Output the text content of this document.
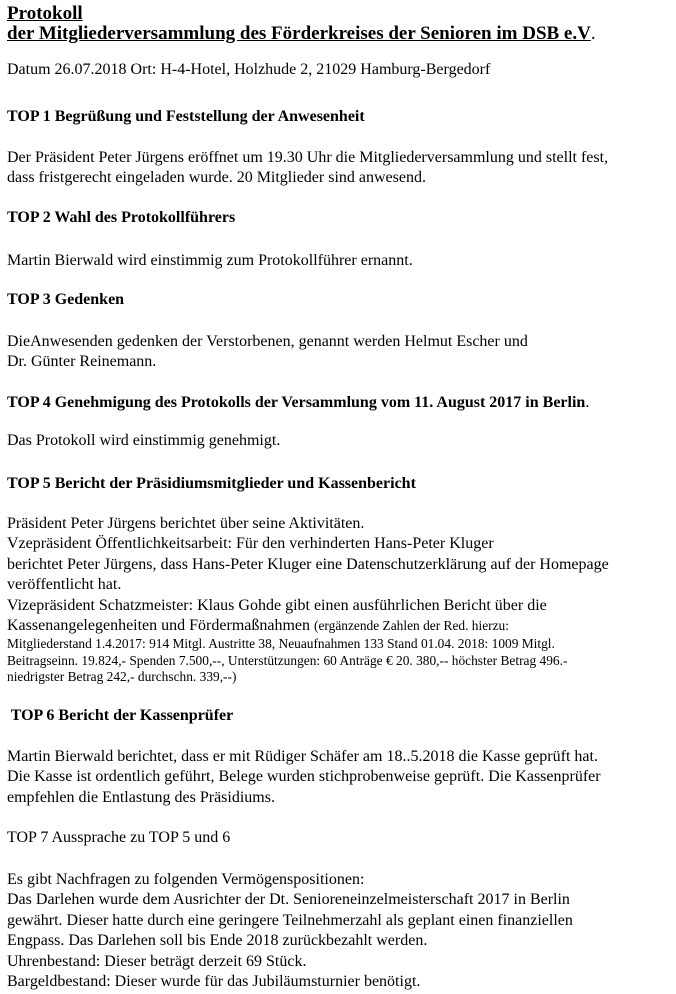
Protokoll
der Mitgliederversammlung des Förderkreises der Senioren im DSB e.V.
Datum 26.07.2018 Ort: H-4-Hotel, Holzhude 2, 21029 Hamburg-Bergedorf
TOP 1 Begrüßung und Feststellung der Anwesenheit
Der Präsident Peter Jürgens eröffnet um 19.30 Uhr die Mitgliederversammlung und stellt fest,
dass fristgerecht eingeladen wurde. 20 Mitglieder sind anwesend.
TOP 2 Wahl des Protokollführers
Martin Bierwald wird einstimmig zum Protokollführer ernannt.
TOP 3 Gedenken
DieAnwesenden gedenken der Verstorbenen, genannt werden Helmut Escher und
Dr. Günter Reinemann.
TOP 4 Genehmigung des Protokolls der Versammlung vom 11. August 2017 in Berlin.
Das Protokoll wird einstimmig genehmigt.
TOP 5 Bericht der Präsidiumsmitglieder und Kassenbericht
Präsident Peter Jürgens berichtet über seine Aktivitäten.
Vzepräsident Öffentlichkeitsarbeit: Für den verhinderten Hans-Peter Kluger
berichtet Peter Jürgens, dass Hans-Peter Kluger eine Datenschutzerklärung auf der Homepage
veröffentlicht hat.
Vizepräsident Schatzmeister: Klaus Gohde gibt einen ausführlichen Bericht über die
Kassenangelegenheiten und Fördermaßnahmen (ergänzende Zahlen der Red. hierzu:
Mitgliederstand 1.4.2017: 914 Mitgl. Austritte 38, Neuaufnahmen 133 Stand 01.04. 2018: 1009 Mitgl.
Beitragseinn. 19.824,- Spenden 7.500,--, Unterstützungen: 60 Anträge € 20. 380,-- höchster Betrag 496.-
niedrigster Betrag 242,- durchschn. 339,--)
TOP 6 Bericht der Kassenprüfer
Martin Bierwald berichtet, dass er mit Rüdiger Schäfer am 18..5.2018 die Kasse geprüft hat.
Die Kasse ist ordentlich geführt, Belege wurden stichprobenweise geprüft. Die Kassenprüfer
empfehlen die Entlastung des Präsidiums.
TOP 7 Aussprache zu TOP 5 und 6
Es gibt Nachfragen zu folgenden Vermögenspositionen:
Das Darlehen wurde dem Ausrichter der Dt. Senioreneinzelmeisterschaft 2017 in Berlin
gewährt. Dieser hatte durch eine geringere Teilnehmerzahl als geplant einen finanziellen
Engpass. Das Darlehen soll bis Ende 2018 zurückbezahlt werden.
Uhrenbestand: Dieser beträgt derzeit 69 Stück.
Bargeldbestand: Dieser wurde für das Jubiläumsturnier benötigt.
